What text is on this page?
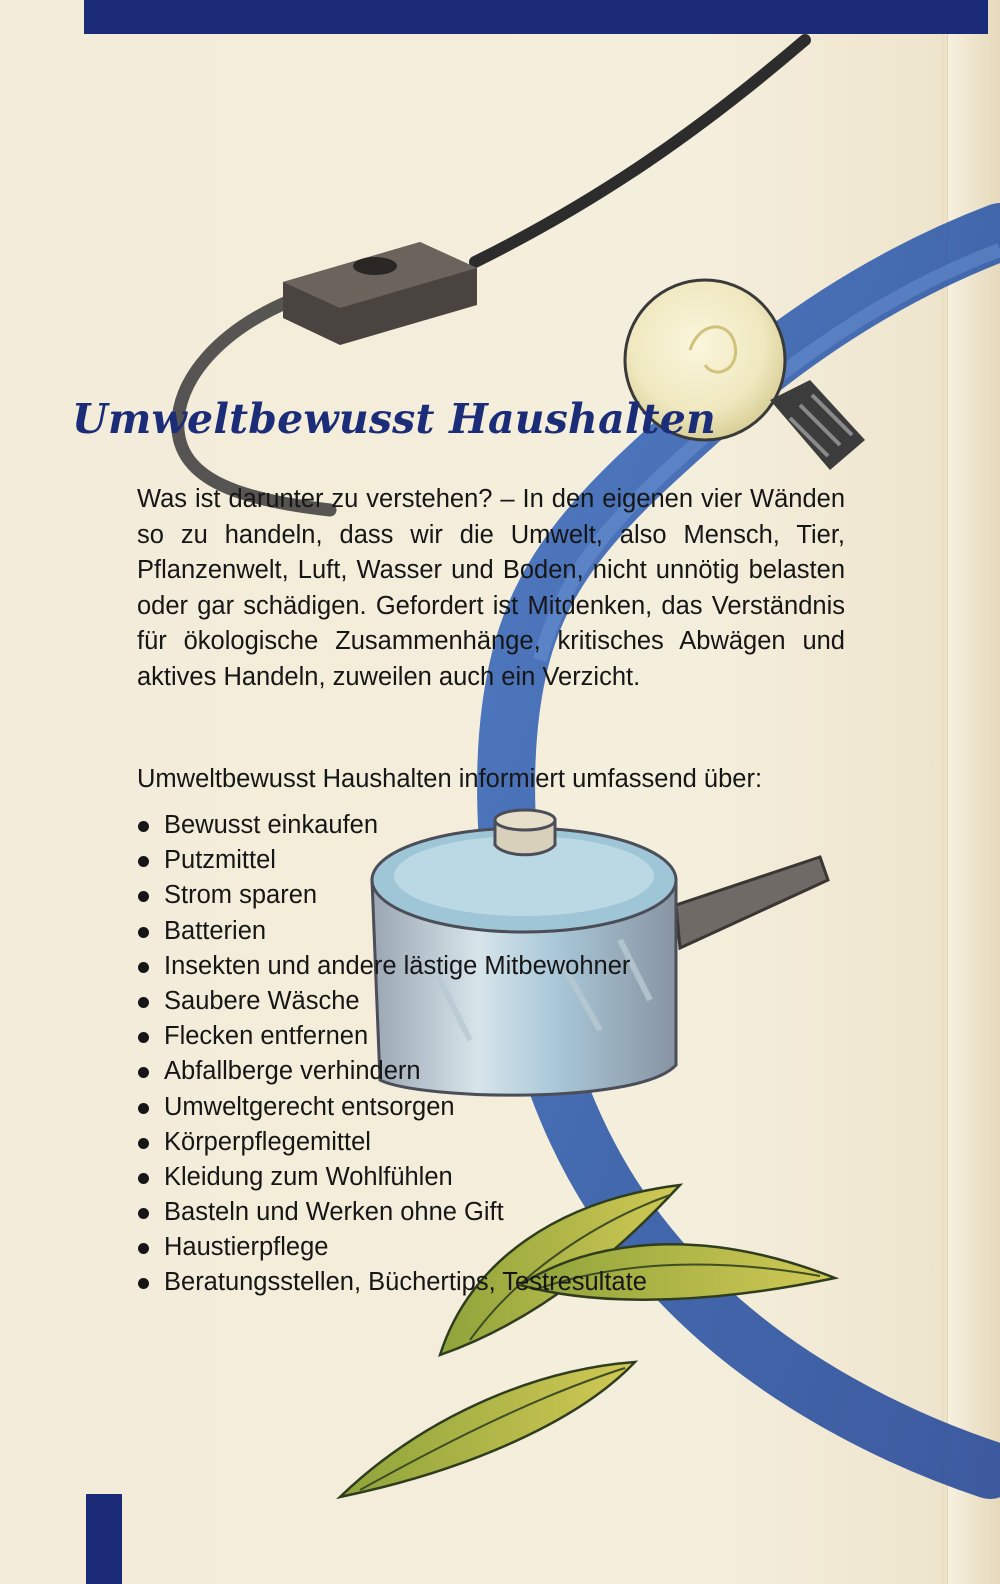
Umweltbewusst Haushalten

Was ist darunter zu verstehen? – In den eigenen vier Wänden so zu handeln, dass wir die Umwelt, also Mensch, Tier, Pflanzenwelt, Luft, Wasser und Boden, nicht unnötig belasten oder gar schädigen. Gefordert ist Mitdenken, das Verständnis für ökologische Zusammenhänge, kritisches Abwägen und aktives Handeln, zuweilen auch ein Verzicht.

Umweltbewusst Haushalten informiert umfassend über:

Bewusst einkaufen
Putzmittel
Strom sparen
Batterien
Insekten und andere lästige Mitbewohner
Saubere Wäsche
Flecken entfernen
Abfallberge verhindern
Umweltgerecht entsorgen
Körperpflegemittel
Kleidung zum Wohlfühlen
Basteln und Werken ohne Gift
Haustierpflege
Beratungsstellen, Büchertips, Testresultate
